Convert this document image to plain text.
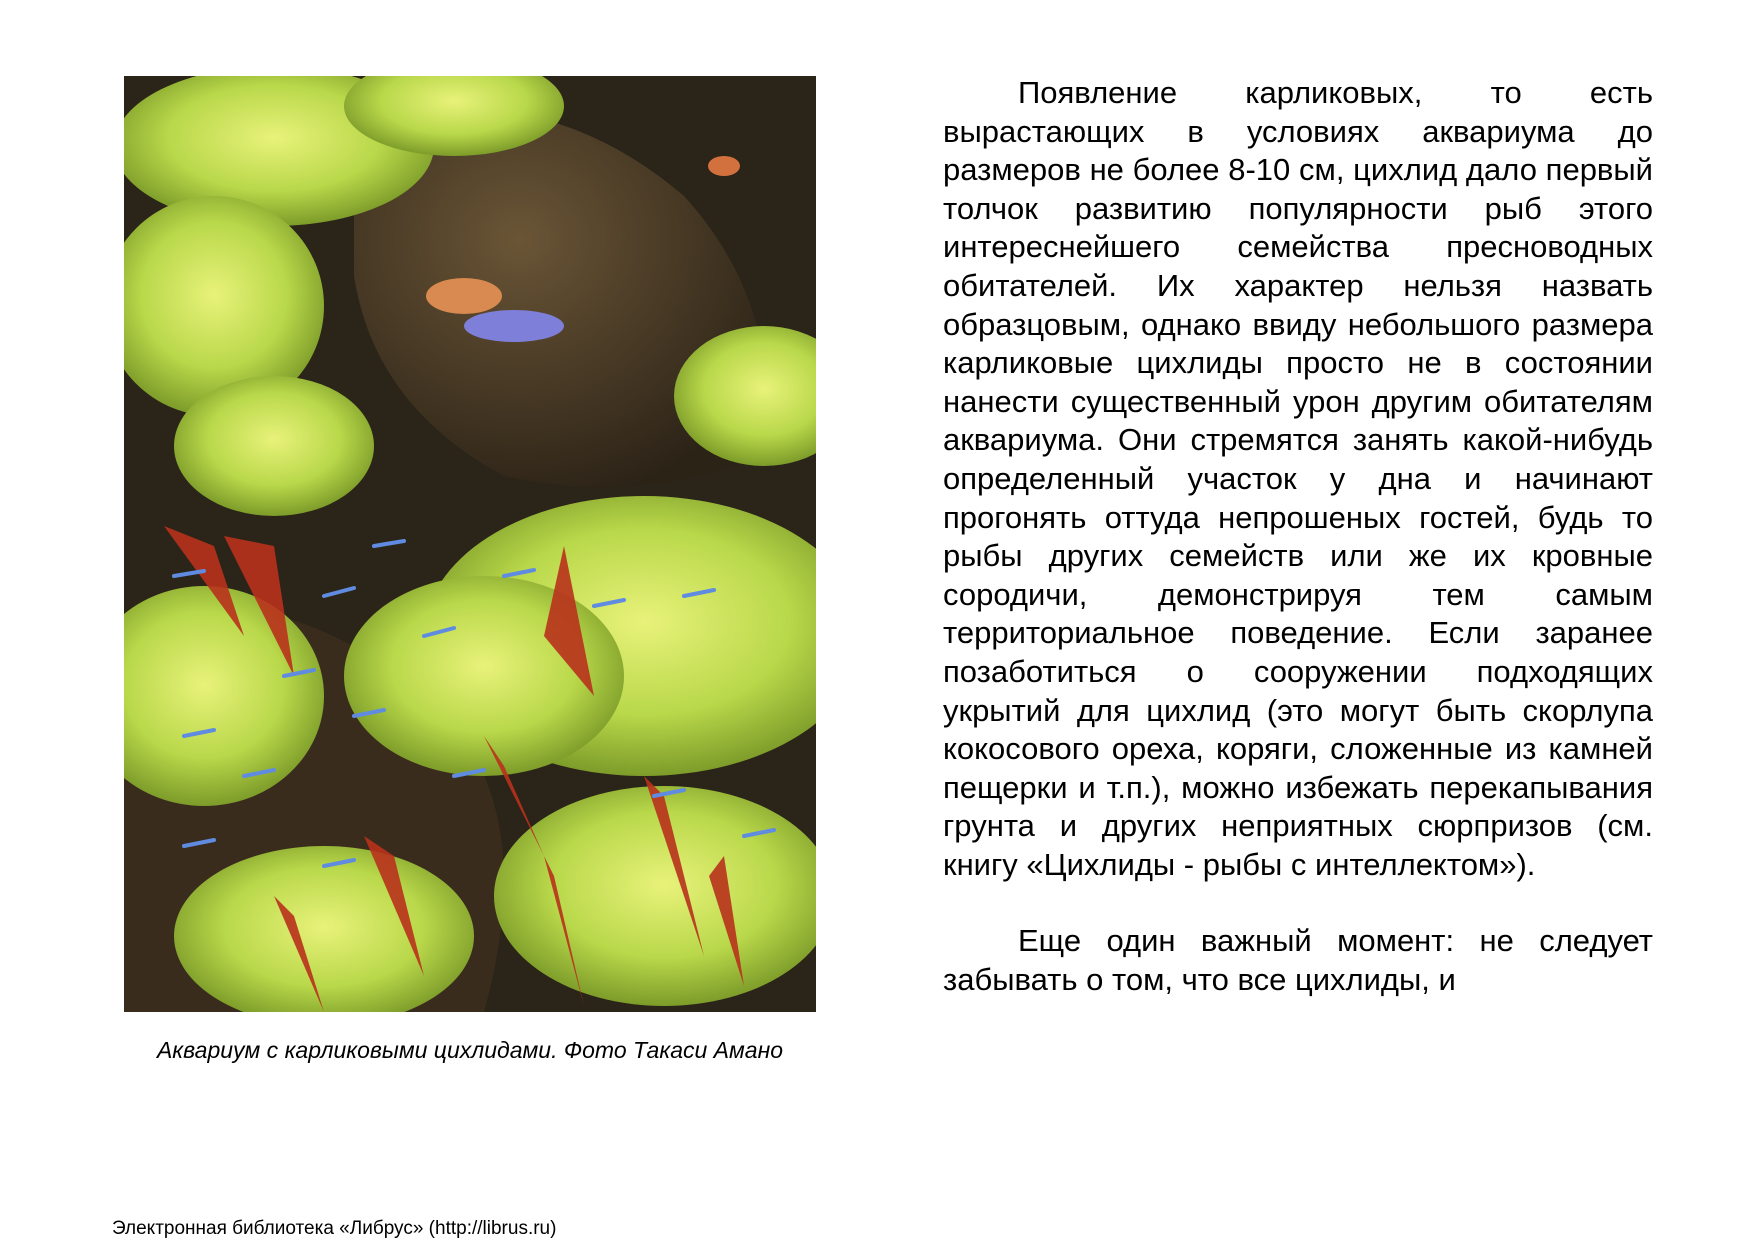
Аквариум с карликовыми цихлидами. Фото Такаси Амано

Появление карликовых, то есть вырастающих в условиях аквариума до размеров не более 8-10 см, цихлид дало первый толчок развитию популярности рыб этого интереснейшего семейства пресноводных обитателей. Их характер нельзя назвать образцовым, однако ввиду небольшого размера карликовые цихлиды просто не в состоянии нанести существенный урон другим обитателям аквариума. Они стремятся занять какой-нибудь определенный участок у дна и начинают прогонять оттуда непрошеных гостей, будь то рыбы других семейств или же их кровные сородичи, демонстрируя тем самым территориальное поведение. Если заранее позаботиться о сооружении подходящих укрытий для цихлид (это могут быть скорлупа кокосового ореха, коряги, сложенные из камней пещерки и т.п.), можно избежать перекапывания грунта и других неприятных сюрпризов (см. книгу «Цихлиды - рыбы с интеллектом»).

Еще один важный момент: не следует забывать о том, что все цихлиды, и

Электронная библиотека «Либрус» (http://librus.ru)
